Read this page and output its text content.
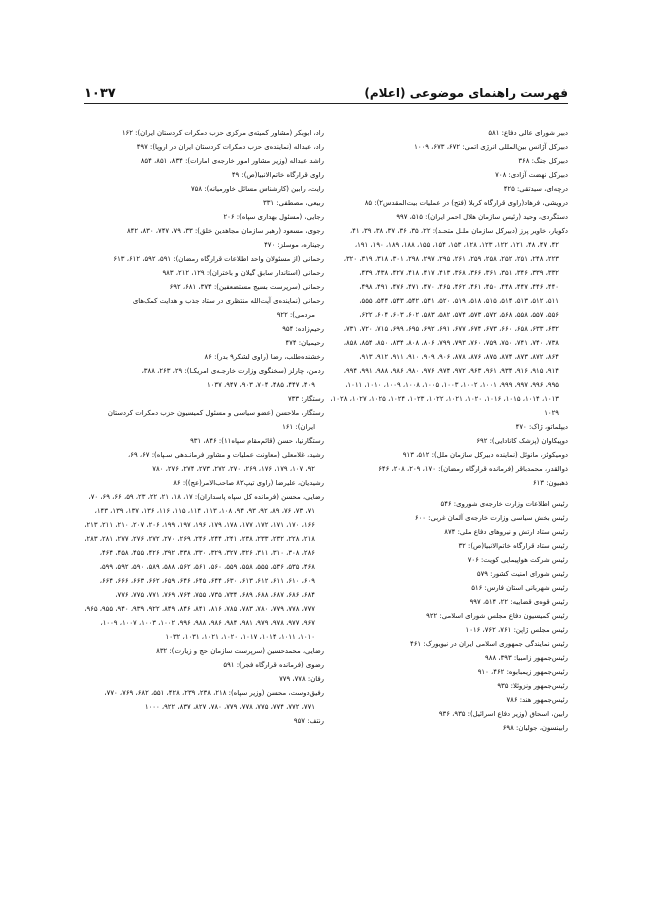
فهرست راهنمای موضوعی (اعلام)
۱۰۳۷
دبیر شورای عالی دفاع: ۵۸۱
دبیرکل آژانس بین‌المللی انرژی اتمی: ۶۷۲، ۶۷۳، ۱۰۰۹
دبیرکل جنگ: ۳۶۸
دبیرکل نهضت آزادی: ۷۰۸
درچه‌ای، سیدتقی: ۴۲۵
درویشی، فرهاد(راوی قرارگاه کربلا (فتح) در عملیات بیت‌المقدس۲): ۸۵
دستگردی، وحید (رئیس سازمان هلال احمر ایران): ۵۱۵، ۹۹۷
دکویار، خاویر پرز (دبیرکل سازمان ملـل متحـد): ۲۲، ۳۵، ۳۶، ۳۷، ۳۸، ۳۹، ۴۱،
۴۲، ۴۷، ۴۸، ۱۲۱، ۱۲۲، ۱۲۳، ۱۲۸، ۱۵۳، ۱۵۴، ۱۵۵، ۱۸۸، ۱۸۹، ۱۹۰، ۱۹۱،
۲۲۳، ۲۴۸، ۲۵۱، ۲۵۲، ۲۵۸، ۲۵۹، ۲۶۱، ۲۹۵، ۲۹۷، ۲۹۸، ۳۰۱، ۳۱۸، ۳۱۹، ۳۲۰،
۳۳۲، ۳۳۹، ۳۴۶، ۳۵۱، ۳۶۱، ۳۶۶، ۳۶۸، ۴۱۳، ۴۱۷، ۴۱۸، ۴۲۷، ۴۳۸، ۴۳۹،
۴۴۰، ۴۴۶، ۴۴۷، ۴۴۸، ۴۵۰، ۴۶۱، ۴۶۲، ۴۶۵، ۴۷۰، ۴۷۱، ۴۷۶، ۴۹۱، ۴۹۸،
۵۱۱، ۵۱۲، ۵۱۳، ۵۱۴، ۵۱۵، ۵۱۸، ۵۱۹، ۵۲۰، ۵۴۱، ۵۴۲، ۵۴۳، ۵۴۴، ۵۵۵،
۵۵۶، ۵۵۷، ۵۵۸، ۵۶۸، ۵۷۲، ۵۷۳، ۵۷۴، ۵۸۲، ۵۸۳، ۶۰۲، ۶۰۳، ۶۰۴، ۶۲۲،
۶۳۲، ۶۳۳، ۶۵۸، ۶۶۰، ۶۷۳، ۶۷۴، ۶۷۷، ۶۹۱، ۶۹۲، ۶۹۵، ۶۹۹، ۷۱۵، ۷۲۰، ۷۳۱،
۷۳۸، ۷۴۰، ۷۴۱، ۷۵۰، ۷۵۹، ۷۶۰، ۷۹۳، ۷۹۹، ۸۰۶، ۸۰۸، ۸۳۴، ۸۵۰، ۸۵۴، ۸۵۸،
۸۶۴، ۸۷۲، ۸۷۳، ۸۷۴، ۸۷۵، ۸۷۶، ۸۷۸، ۹۰۶، ۹۰۹، ۹۱۰، ۹۱۱، ۹۱۲، ۹۱۳،
۹۱۴، ۹۱۵، ۹۱۶، ۹۳۴، ۹۶۱، ۹۶۳، ۹۷۲، ۹۷۴، ۹۷۶، ۹۸۰، ۹۸۶، ۹۸۸، ۹۹۱، ۹۹۴،
۹۹۵، ۹۹۶، ۹۹۷، ۹۹۹، ۱۰۰۱، ۱۰۰۲، ۱۰۰۳، ۱۰۰۵، ۱۰۰۸، ۱۰۰۹، ۱۰۱۰، ۱۰۱۱،
۱۰۱۳، ۱۰۱۴، ۱۰۱۵، ۱۰۱۶، ۱۰۲۰، ۱۰۲۱، ۱۰۲۲، ۱۰۲۳، ۱۰۲۴، ۱۰۲۵، ۱۰۲۷، ۱۰۲۸،
۱۰۲۹
دیپلماتو، ژاک: ۴۷۰
دوپیکاوان (پزشک کانادایی): ۶۹۲
دومیکوئز، مانوئل (نماینده دبیرکل سازمان ملل): ۵۱۲، ۹۱۳
ذوالقدر، محمدباقر (فرمانده قرارگاه رمضان): ۱۷۰، ۲۰۹، ۲۰۸، ۶۴۶
ذهبیون: ۶۱۳
رئیس اطلاعات وزارت خارجه‌ی شوروی: ۵۴۶
رئیس بخش سیاسی وزارت خارجه‌ی آلمان غربی: ۶۰۰
رئیس ستاد ارتش و نیروهای دفاع ملی: ۸۷۴
رئیس ستاد قرارگاه خاتم‌الانبیا(ص): ۳۲
رئیس شرکت هواپیمایی کویت: ۷۰۶
رئیس شورای امنیت کشور: ۵۷۹
رئیس شهربانی استان فارس: ۵۱۶
رئیس قوه‌ی قضاییه: ۲۲، ۵۱۴، ۹۹۷
رئیس کمیسیون دفاع مجلس شورای اسلامی: ۹۲۲
رئیس مجلس ژاپن: ۷۶۱، ۷۶۲، ۱۰۱۶
رئیس نمایندگی جمهوری اسلامی ایران در نیویورک: ۴۶۱
رئیس‌جمهور زامبیا: ۳۹۳، ۹۸۸
رئیس‌جمهور زیمبابوه: ۴۶۲، ۹۱۰
رئیس‌جمهور ونزوئلا: ۹۳۵
رئیس‌جمهور هند: ۷۸۶
رابین، اسحاق (وزیر دفاع اسرائیل): ۹۳۵، ۹۳۶
رابینسون، جولیان: ۶۹۸
راد، ابوبکر (مشاور کمیته‌ی مرکزی حزب دمکرات کردستان ایران): ۱۶۲
راد، عبداله (نماینده‌ی حزب دمکرات کردستان ایران در اروپا): ۴۹۷
راشد عبداله (وزیر مشاور امور خارجه‌ی امارات): ۸۳۴، ۸۵۱، ۸۵۴
راوی قرارگاه خاتم‌الانبیا(ص): ۴۹
رایت، رابین (کارشناس مسائل خاورمیانه): ۷۵۸
ربیعی، مصطفی: ۳۳۱
رجایی، (مسئول بهداری سپاه): ۲۰۶
رجوی، مسعود (رهبر سازمان مجاهدین خلق): ۳۳، ۷۹، ۷۴۷، ۸۳۰، ۸۴۲
رجیناره، موسلز: ۴۷۰
رحمانی (از مسئولان واحد اطلاعات قرارگاه رمضان): ۵۹۱، ۵۹۲، ۶۱۲، ۶۱۳
رحمانی (استاندار سابق گیلان و باختران): ۱۲۹، ۲۱۲، ۹۸۳
رحمانی (سرپرست بسیج مستضعفین): ۳۷۴، ۶۸۱، ۶۹۲
رحمانی (نماینده‌ی آیت‌الله منتظری در ستاد جذب و هدایت کمک‌های
مردمی): ۹۲۲
رحیم‌زاده: ۹۵۴
رحیمیان: ۴۷۴
رخشنده‌طلب، رضا (راوی لشکر۹ بدر): ۸۶
ردمن، چارلز (سخنگوی وزارت خارجـه‌ی امریکـا): ۲۹، ۲۶۳، ۳۸۸،
۴۰۹، ۴۴۷، ۴۸۵، ۷۰۴، ۹۰۳، ۹۴۷، ۱۰۳۷
رستگار: ۷۳۳
رستگار، ملاحسن (عضو سیاسی و مسئول کمیسیون حزب دمکرات کردستان
ایران): ۱۶۱
رستگارنیا، حسن (قائم‌مقام سپاه۱۱): ۸۴۶، ۹۳۱
رشید، غلامعلی (معاونت عملیات و مشاور فرمانـدهی سـپاه): ۶۷، ۶۹،
۹۲، ۱۰۷، ۱۷۹، ۱۷۶، ۲۶۹، ۲۷۰، ۲۷۲، ۲۷۳، ۲۷۴، ۲۷۶، ۷۸۰
رشیدیان، علیرضا (راوی تیپ۸۲ صاحب‌الامر(عج)): ۸۶
رضایی، محسن (فرمانده کل سپاه پاسداران): ۱۷، ۱۸، ۲۱، ۲۲، ۲۳، ۵۹، ۶۶، ۶۹، ۷۰،
۷۱، ۷۳، ۷۶، ۸۹، ۹۲، ۹۳، ۹۴، ۱۰۸، ۱۱۳، ۱۱۴، ۱۱۵، ۱۱۶، ۱۳۶، ۱۳۷، ۱۳۹، ۱۴۳،
۱۶۶، ۱۷۰، ۱۷۱، ۱۷۲، ۱۷۷، ۱۷۸، ۱۷۹، ۱۹۶، ۱۹۷، ۱۹۹، ۲۰۶، ۲۰۷، ۲۱۰، ۲۱۱، ۲۱۳،
۲۱۸، ۲۲۸، ۲۳۲، ۲۳۳، ۲۳۸، ۲۴۱، ۲۴۴، ۲۴۶، ۲۶۹، ۲۷۰، ۲۷۲، ۲۷۶، ۲۷۷، ۲۸۱، ۲۸۳،
۲۸۶، ۳۰۸، ۳۱۰، ۳۱۱، ۳۲۶، ۳۲۷، ۳۲۹، ۳۳۰، ۳۳۸، ۳۹۲، ۴۲۶، ۴۵۵، ۴۵۸، ۴۶۴،
۴۶۸، ۵۳۵، ۵۳۶، ۵۵۵، ۵۵۸، ۵۵۹، ۵۶۰، ۵۶۱، ۵۶۲، ۵۸۸، ۵۸۹، ۵۹۰، ۵۹۲، ۵۹۹،
۶۰۹، ۶۱۰، ۶۱۱، ۶۱۲، ۶۱۳، ۶۳۰، ۶۴۴، ۶۴۵، ۶۴۶، ۶۵۹، ۶۶۲، ۶۶۳، ۶۶۶، ۶۶۴،
۶۸۴، ۶۸۶، ۶۸۷، ۶۸۸، ۶۸۹، ۷۳۴، ۷۳۵، ۷۵۵، ۷۶۴، ۷۶۹، ۷۷۱، ۷۷۵، ۷۷۶،
۷۷۷، ۷۷۸، ۷۷۹، ۷۸۰، ۷۸۳، ۷۸۵، ۸۱۶، ۸۴۱، ۸۴۶، ۸۴۹، ۹۲۲، ۹۳۹، ۹۴۰، ۹۵۵، ۹۶۵،
۹۶۷، ۹۷۷، ۹۷۸، ۹۷۹، ۹۸۱، ۹۸۴، ۹۸۶، ۹۸۸، ۹۹۶، ۱۰۰۲، ۱۰۰۳، ۱۰۰۷، ۱۰۰۹،
۱۰۱۰، ۱۰۱۱، ۱۰۱۴، ۱۰۱۷، ۱۰۲۰، ۱۰۲۱، ۱۰۳۱، ۱۰۳۲
رضایی، محمدحسین (سرپرست سازمان حج و زیارت): ۸۳۲
رضوی (فرمانده قرارگاه فجر): ۵۹۱
رفان: ۷۷۸، ۷۷۹
رفیق‌دوست، محسن (وزیر سپاه): ۲۱۸، ۲۳۸، ۲۳۹، ۴۲۸، ۵۵۱، ۶۸۲، ۷۶۹، ۷۷۰،
۷۷۱، ۷۷۲، ۷۷۴، ۷۷۵، ۷۷۸، ۷۷۹، ۷۸۰، ۸۲۷، ۸۳۷، ۹۲۲، ۱۰۰۰
رنتف: ۹۵۷
